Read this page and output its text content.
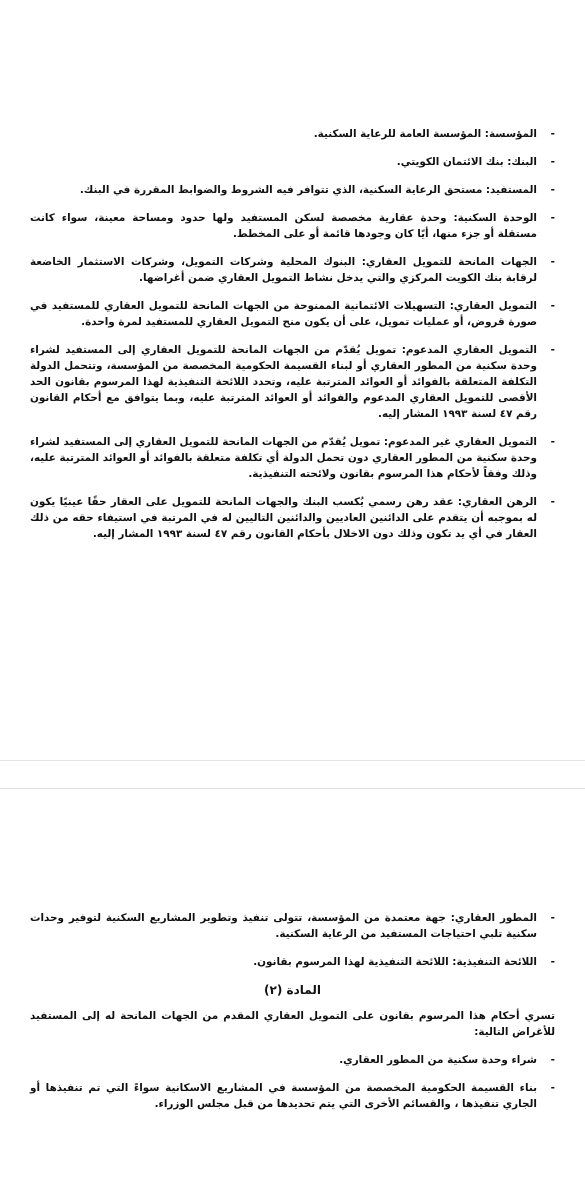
-
المؤسسة: المؤسسة العامة للرعاية السكنية.
-
البنك: بنك الائتمان الكويتي.
-
المستفيد: مستحق الرعاية السكنية، الذي تتوافر فيه الشروط والضوابط المقررة في البنك.
-
الوحدة السكنية: وحدة عقارية مخصصة لسكن المستفيد ولها حدود ومساحة معينة، سواء كانت مستقلة أو جزء منها، أيًا كان وجودها قائمة أو على المخطط.
-
الجهات المانحة للتمويل العقاري: البنوك المحلية وشركات التمويل، وشركات الاستثمار الخاضعة لرقابة بنك الكويت المركزي والتي يدخل نشاط التمويل العقاري ضمن أغراضها.
-
التمويل العقاري: التسهيلات الائتمانية الممنوحة من الجهات المانحة للتمويل العقاري للمستفيد في صورة قروض، أو عمليات تمويل، على أن يكون منح التمويل العقاري للمستفيد لمرة واحدة.
-
التمويل العقاري المدعوم: تمويل يُقدّم من الجهات المانحة للتمويل العقاري إلى المستفيد لشراء وحدة سكنية من المطور العقاري أو لبناء القسيمة الحكومية المخصصة من المؤسسة، وتتحمل الدولة التكلفة المتعلقة بالفوائد أو العوائد المترتبة عليه، وتحدد اللائحة التنفيذية لهذا المرسوم بقانون الحد الأقصى للتمويل العقاري المدعوم والفوائد أو العوائد المترتبة عليه، وبما يتوافق مع أحكام القانون رقم ٤٧ لسنة ١٩٩٣ المشار إليه.
-
التمويل العقاري غير المدعوم: تمويل يُقدّم من الجهات المانحة للتمويل العقاري إلى المستفيد لشراء وحدة سكنية من المطور العقاري دون تحمل الدولة أي تكلفة متعلقة بالفوائد أو العوائد المترتبة عليه، وذلك وفقاً لأحكام هذا المرسوم بقانون ولائحته التنفيذية.
-
الرهن العقاري: عقد رهن رسمي يُكسب البنك والجهات المانحة للتمويل على العقار حقًا عينيًا يكون له بموجبه أن يتقدم على الدائنين العاديين والدائنين التاليين له في المرتبة في استيفاء حقه من ذلك العقار في أي يد تكون وذلك دون الاخلال بأحكام القانون رقم ٤٧ لسنة ١٩٩٣ المشار إليه.
-
المطور العقاري: جهة معتمدة من المؤسسة، تتولى تنفيذ وتطوير المشاريع السكنية لتوفير وحدات سكنية تلبي احتياجات المستفيد من الرعاية السكنية.
-
اللائحة التنفيذية: اللائحة التنفيذية لهذا المرسوم بقانون.
المادة (٢)
تسري أحكام هذا المرسوم بقانون على التمويل العقاري المقدم من الجهات المانحة له إلى المستفيد للأغراض التالية:
-
شراء وحدة سكنية من المطور العقاري.
-
بناء القسيمة الحكومية المخصصة من المؤسسة في المشاريع الاسكانية سواءً التي تم تنفيذها أو الجاري تنفيذها ، والقسائم الأخرى التي يتم تحديدها من قبل مجلس الوزراء.
